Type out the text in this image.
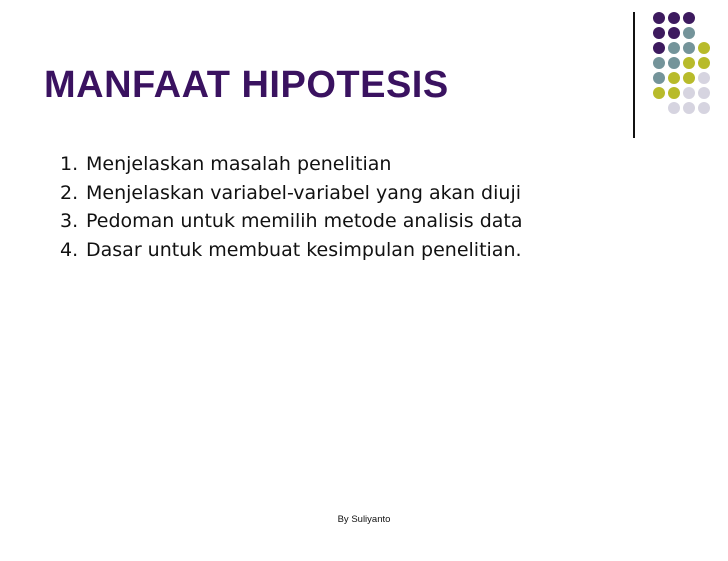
MANFAAT HIPOTESIS
1. Menjelaskan masalah penelitian
2. Menjelaskan variabel-variabel yang akan diuji
3. Pedoman untuk memilih metode analisis data
4. Dasar untuk membuat kesimpulan penelitian.
By Suliyanto
